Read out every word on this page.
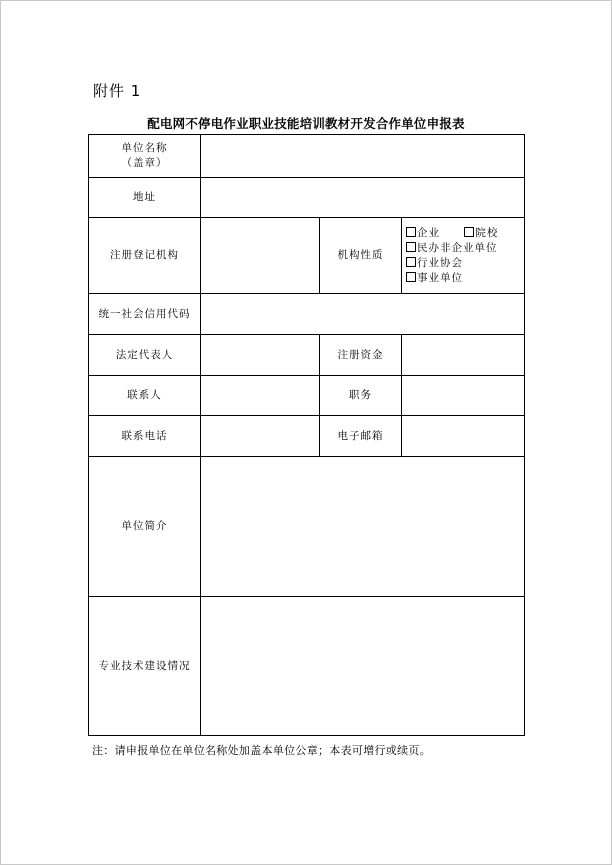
附件 1
配电网不停电作业职业技能培训教材开发合作单位申报表
单位名称
（盖章）			

地址			
注册登记机构		机构性质	企业 院校
民办非企业单位
行业协会
事业单位

统一社会信用代码			
法定代表人		注册资金	
联系人		职务	
联系电话		电子邮箱	
单位简介			
专业技术建设情况			
注：请申报单位在单位名称处加盖本单位公章；本表可增行或续页。
